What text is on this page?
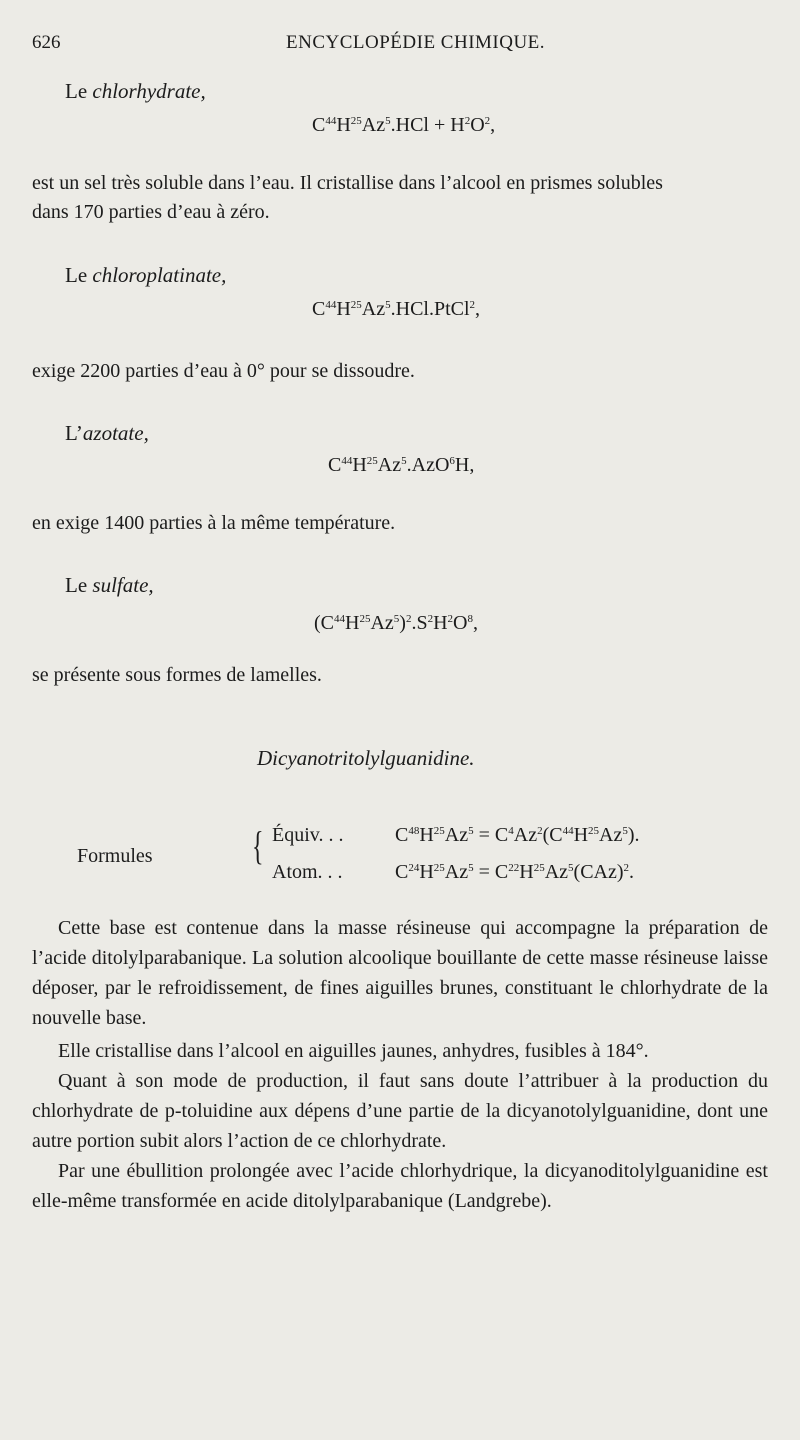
626	ENCYCLOPÉDIE CHIMIQUE.
Le chlorhydrate,
$C^{44}H^{25}Az^5.HCl + H^2O^2$,
est un sel très soluble dans l’eau. Il cristallise dans l’alcool en prismes solubles
dans 170 parties d’eau à zéro.
Le chloroplatinate,
$C^{44}H^{25}Az^5.HCl.PtCl^2$,
exige 2200 parties d’eau à 0° pour se dissoudre.
L’azotate,
$C^{44}H^{25}Az^5.AzO^6H$,
en exige 1400 parties à la même température.
Le sulfate,
$(C^{44}H^{25}Az^5)^2.S^2H^2O^8$,
se présente sous formes de lamelles.
Dicyanotritolylguanidine.
Formules { Équiv. . .	$C^{48}H^{25}Az^5 = C^4Az^2(C^{44}H^{25}Az^5)$.
Atom. . .	$C^{24}H^{25}Az^5 = C^{22}H^{25}Az^5(CAz)^2$.
Cette base est contenue dans la masse résineuse qui accompagne la préparation de l’acide ditolylparabanique. La solution alcoolique bouillante de cette masse résineuse laisse déposer, par le refroidissement, de fines aiguilles brunes, constituant le chlorhydrate de la nouvelle base.
Elle cristallise dans l’alcool en aiguilles jaunes, anhydres, fusibles à 184°.
Quant à son mode de production, il faut sans doute l’attribuer à la production du chlorhydrate de p-toluidine aux dépens d’une partie de la dicyanotolylguanidine, dont une autre portion subit alors l’action de ce chlorhydrate.
Par une ébullition prolongée avec l’acide chlorhydrique, la dicyanoditolylguanidine est elle-même transformée en acide ditolylparabanique (Landgrebe).
